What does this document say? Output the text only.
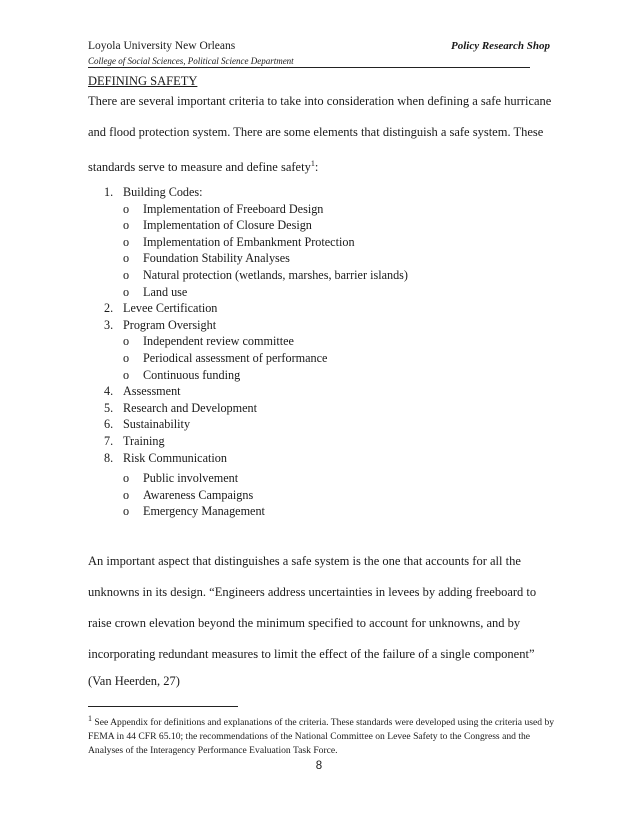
Loyola University New Orleans	Policy Research Shop
College of Social Sciences, Political Science Department
DEFINING SAFETY
There are several important criteria to take into consideration when defining a safe hurricane and flood protection system. There are some elements that distinguish a safe system. These standards serve to measure and define safety$^1$:
1. Building Codes:
o	Implementation of Freeboard Design
o	Implementation of Closure Design
o	Implementation of Embankment Protection
o	Foundation Stability Analyses
o	Natural protection (wetlands, marshes, barrier islands)
o	Land use
2. Levee Certification
3. Program Oversight
o	Independent review committee
o	Periodical assessment of performance
o	Continuous funding
4. Assessment
5. Research and Development
6. Sustainability
7. Training
8. Risk Communication
o	Public involvement
o	Awareness Campaigns
o	Emergency Management
An important aspect that distinguishes a safe system is the one that accounts for all the unknowns in its design. “Engineers address uncertainties in levees by adding freeboard to raise crown elevation beyond the minimum specified to account for unknowns, and by incorporating redundant measures to limit the effect of the failure of a single component”
(Van Heerden, 27)
$^1$ See Appendix for definitions and explanations of the criteria. These standards were developed using the criteria used by FEMA in 44 CFR 65.10; the recommendations of the National Committee on Levee Safety to the Congress and the Analyses of the Interagency Performance Evaluation Task Force.
8
